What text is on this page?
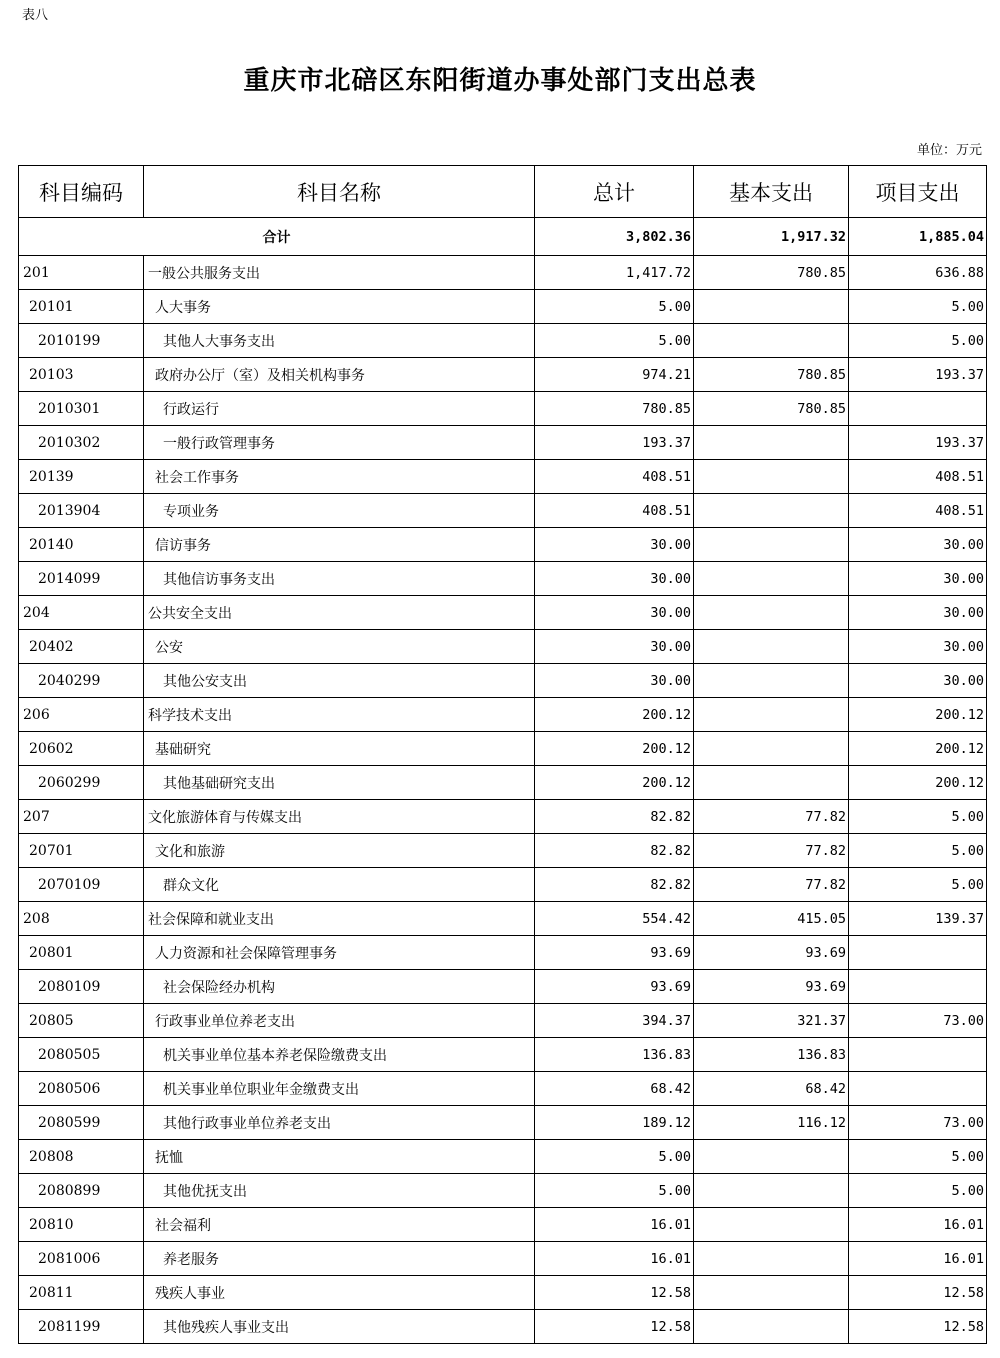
表八
重庆市北碚区东阳街道办事处部门支出总表
单位：万元
科目编码	科目名称	总计	基本支出	项目支出
合计		3,802.36	1,917.32	1,885.04
201	一般公共服务支出	1,417.72	780.85	636.88
20101	人大事务	5.00		5.00
2010199	其他人大事务支出	5.00		5.00
20103	政府办公厅（室）及相关机构事务	974.21	780.85	193.37
2010301	行政运行	780.85	780.85	
2010302	一般行政管理事务	193.37		193.37
20139	社会工作事务	408.51		408.51
2013904	专项业务	408.51		408.51
20140	信访事务	30.00		30.00
2014099	其他信访事务支出	30.00		30.00
204	公共安全支出	30.00		30.00
20402	公安	30.00		30.00
2040299	其他公安支出	30.00		30.00
206	科学技术支出	200.12		200.12
20602	基础研究	200.12		200.12
2060299	其他基础研究支出	200.12		200.12
207	文化旅游体育与传媒支出	82.82	77.82	5.00
20701	文化和旅游	82.82	77.82	5.00
2070109	群众文化	82.82	77.82	5.00
208	社会保障和就业支出	554.42	415.05	139.37
20801	人力资源和社会保障管理事务	93.69	93.69	
2080109	社会保险经办机构	93.69	93.69	
20805	行政事业单位养老支出	394.37	321.37	73.00
2080505	机关事业单位基本养老保险缴费支出	136.83	136.83	
2080506	机关事业单位职业年金缴费支出	68.42	68.42	
2080599	其他行政事业单位养老支出	189.12	116.12	73.00
20808	抚恤	5.00		5.00
2080899	其他优抚支出	5.00		5.00
20810	社会福利	16.01		16.01
2081006	养老服务	16.01		16.01
20811	残疾人事业	12.58		12.58
2081199	其他残疾人事业支出	12.58		12.58
